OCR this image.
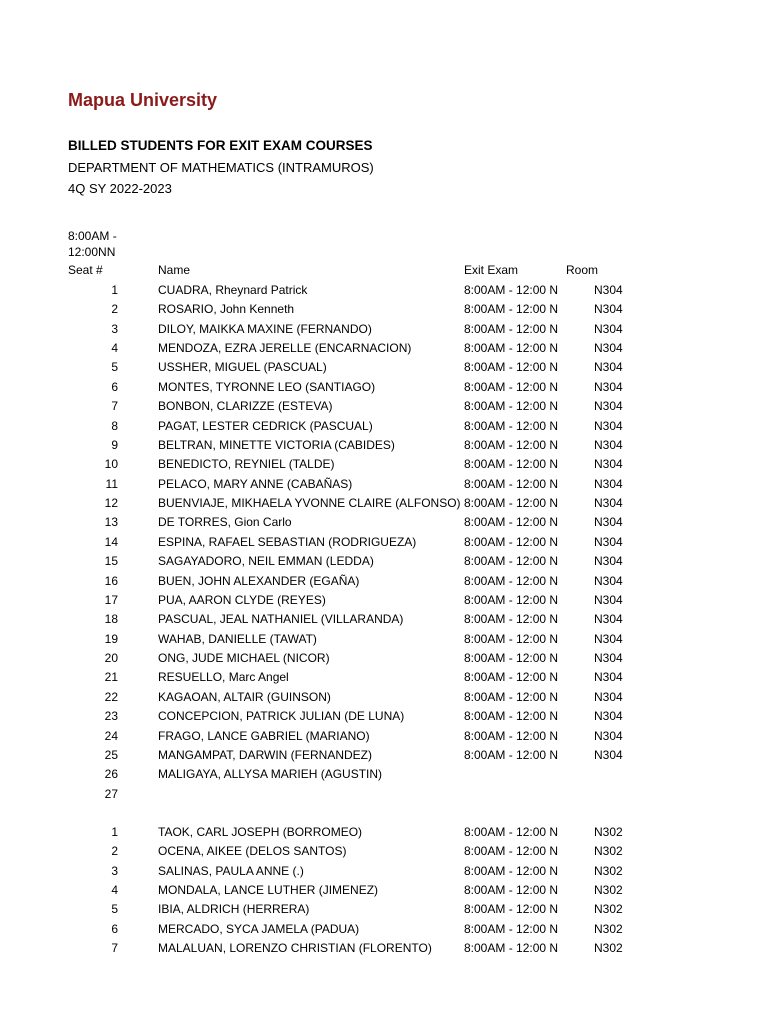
Mapua University
BILLED STUDENTS FOR EXIT EXAM COURSES
DEPARTMENT OF MATHEMATICS (INTRAMUROS)
4Q SY 2022-2023
8:00AM -
12:00NN
Seat #	Name	Exit Exam	Room
1	CUADRA, Rheynard Patrick	8:00AM - 12:00 N	N304
2	ROSARIO, John Kenneth	8:00AM - 12:00 N	N304
3	DILOY, MAIKKA MAXINE (FERNANDO)	8:00AM - 12:00 N	N304
4	MENDOZA, EZRA JERELLE (ENCARNACION)	8:00AM - 12:00 N	N304
5	USSHER, MIGUEL (PASCUAL)	8:00AM - 12:00 N	N304
6	MONTES, TYRONNE LEO (SANTIAGO)	8:00AM - 12:00 N	N304
7	BONBON, CLARIZZE (ESTEVA)	8:00AM - 12:00 N	N304
8	PAGAT, LESTER CEDRICK (PASCUAL)	8:00AM - 12:00 N	N304
9	BELTRAN, MINETTE VICTORIA (CABIDES)	8:00AM - 12:00 N	N304
10	BENEDICTO, REYNIEL (TALDE)	8:00AM - 12:00 N	N304
11	PELACO, MARY ANNE (CABAÑAS)	8:00AM - 12:00 N	N304
12	BUENVIAJE, MIKHAELA YVONNE CLAIRE (ALFONSO) 8:00AM - 12:00 N	N304
13	DE TORRES, Gion Carlo	8:00AM - 12:00 N	N304
14	ESPINA, RAFAEL SEBASTIAN (RODRIGUEZA)	8:00AM - 12:00 N	N304
15	SAGAYADORO, NEIL EMMAN (LEDDA)	8:00AM - 12:00 N	N304
16	BUEN, JOHN ALEXANDER (EGAÑA)	8:00AM - 12:00 N	N304
17	PUA, AARON CLYDE (REYES)	8:00AM - 12:00 N	N304
18	PASCUAL, JEAL NATHANIEL (VILLARANDA)	8:00AM - 12:00 N	N304
19	WAHAB, DANIELLE (TAWAT)	8:00AM - 12:00 N	N304
20	ONG, JUDE MICHAEL (NICOR)	8:00AM - 12:00 N	N304
21	RESUELLO, Marc Angel	8:00AM - 12:00 N	N304
22	KAGAOAN, ALTAIR (GUINSON)	8:00AM - 12:00 N	N304
23	CONCEPCION, PATRICK JULIAN (DE LUNA)	8:00AM - 12:00 N	N304
24	FRAGO, LANCE GABRIEL (MARIANO)	8:00AM - 12:00 N	N304
25	MANGAMPAT, DARWIN (FERNANDEZ)	8:00AM - 12:00 N	N304
26	MALIGAYA, ALLYSA MARIEH (AGUSTIN)
27
1	TAOK, CARL JOSEPH (BORROMEO)	8:00AM - 12:00 N	N302
2	OCENA, AIKEE (DELOS SANTOS)	8:00AM - 12:00 N	N302
3	SALINAS, PAULA ANNE (.)	8:00AM - 12:00 N	N302
4	MONDALA, LANCE LUTHER (JIMENEZ)	8:00AM - 12:00 N	N302
5	IBIA, ALDRICH (HERRERA)	8:00AM - 12:00 N	N302
6	MERCADO, SYCA JAMELA (PADUA)	8:00AM - 12:00 N	N302
7	MALALUAN, LORENZO CHRISTIAN (FLORENTO)	8:00AM - 12:00 N	N302
